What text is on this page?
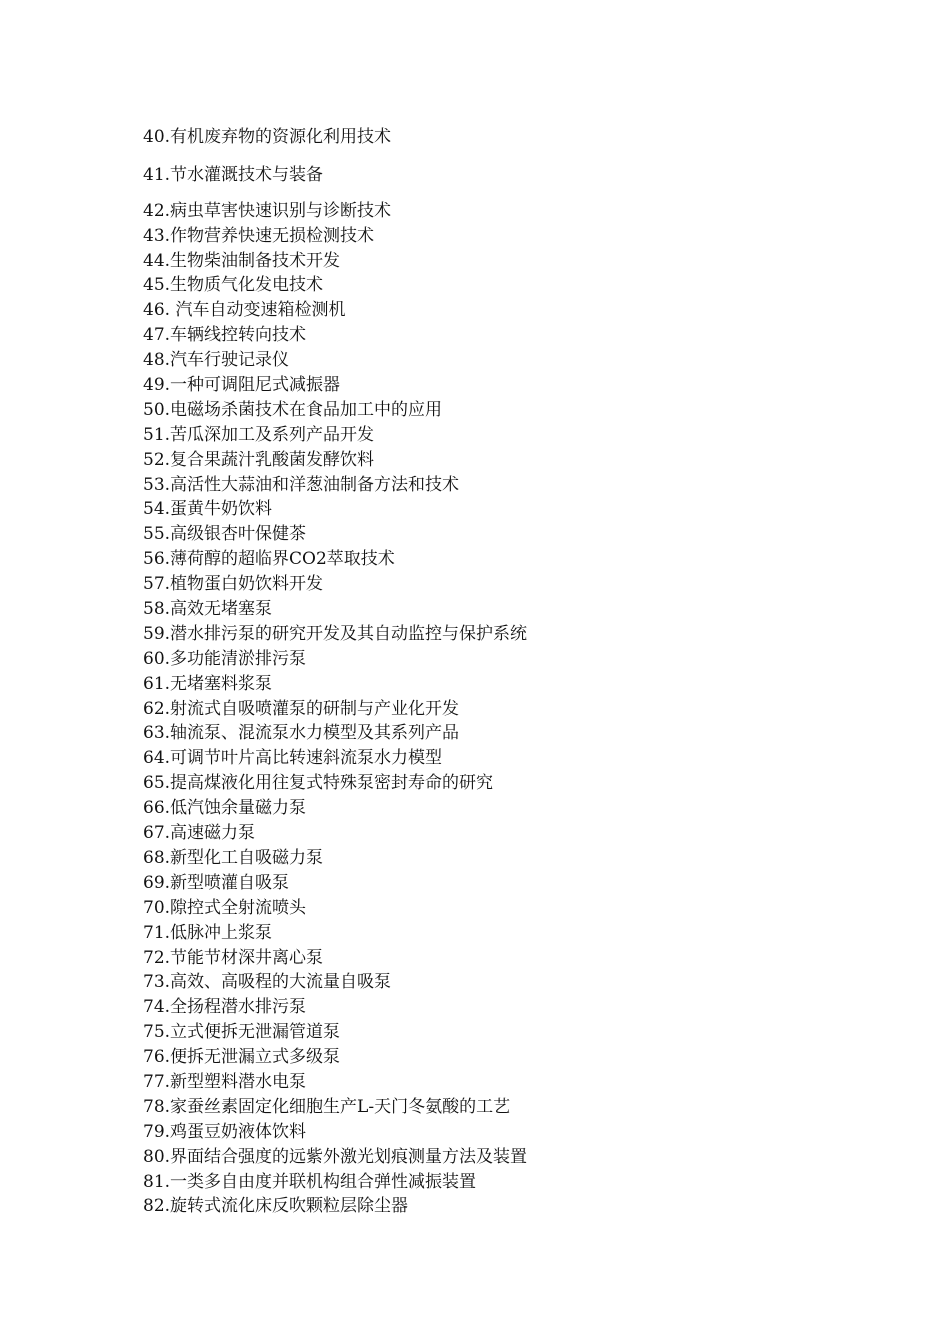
40.有机废弃物的资源化利用技术
41.节水灌溉技术与装备
42.病虫草害快速识别与诊断技术
43.作物营养快速无损检测技术
44.生物柴油制备技术开发
45.生物质气化发电技术
46. 汽车自动变速箱检测机
47.车辆线控转向技术
48.汽车行驶记录仪
49.一种可调阻尼式减振器
50.电磁场杀菌技术在食品加工中的应用
51.苦瓜深加工及系列产品开发
52.复合果蔬汁乳酸菌发酵饮料
53.高活性大蒜油和洋葱油制备方法和技术
54.蛋黄牛奶饮料
55.高级银杏叶保健茶
56.薄荷醇的超临界CO2萃取技术
57.植物蛋白奶饮料开发
58.高效无堵塞泵
59.潜水排污泵的研究开发及其自动监控与保护系统
60.多功能清淤排污泵
61.无堵塞料浆泵
62.射流式自吸喷灌泵的研制与产业化开发
63.轴流泵、混流泵水力模型及其系列产品
64.可调节叶片高比转速斜流泵水力模型
65.提高煤液化用往复式特殊泵密封寿命的研究
66.低汽蚀余量磁力泵
67.高速磁力泵
68.新型化工自吸磁力泵
69.新型喷灌自吸泵
70.隙控式全射流喷头
71.低脉冲上浆泵
72.节能节材深井离心泵
73.高效、高吸程的大流量自吸泵
74.全扬程潜水排污泵
75.立式便拆无泄漏管道泵
76.便拆无泄漏立式多级泵
77.新型塑料潜水电泵
78.家蚕丝素固定化细胞生产L-天门冬氨酸的工艺
79.鸡蛋豆奶液体饮料
80.界面结合强度的远紫外激光划痕测量方法及装置
81.一类多自由度并联机构组合弹性减振装置
82.旋转式流化床反吹颗粒层除尘器
